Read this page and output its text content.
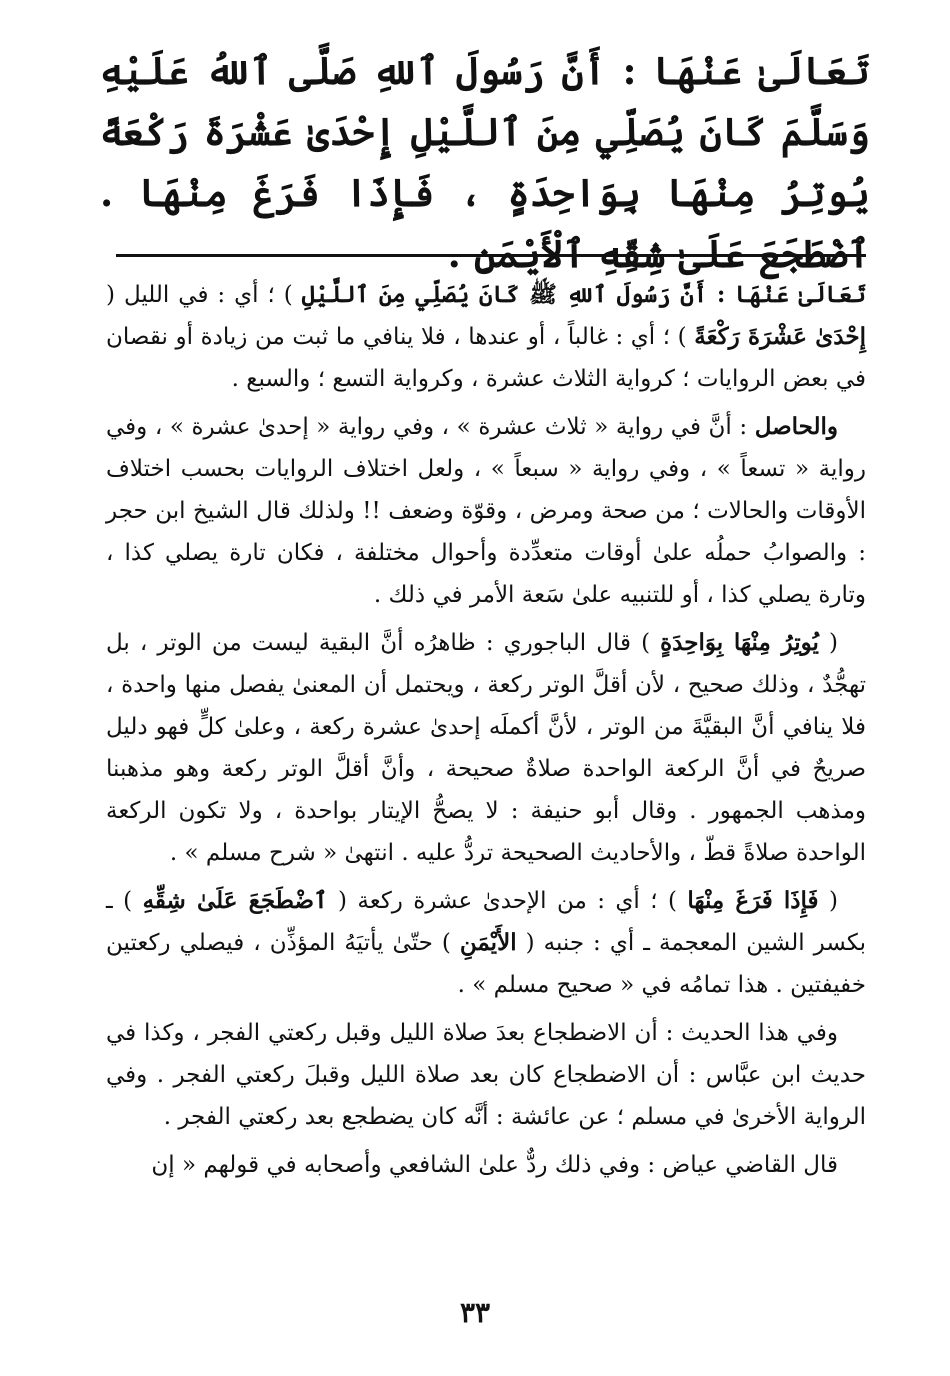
تَعَالَىٰ عَنْهَا : أَنَّ رَسُولَ ٱللهِ صَلَّى ٱللهُ عَلَيْهِ وَسَلَّمَ كَانَ يُصَلِّي مِنَ ٱللَّيْلِ إِحْدَىٰ عَشْرَةَ رَكْعَةً يُوتِرُ مِنْهَا بِوَاحِدَةٍ ، فَإِذَا فَرَغَ مِنْهَا . ٱضْطَجَعَ عَلَىٰ شِقِّهِ ٱلْأَيْمَنِ .

تَعَالَىٰ عَنْهَا : أَنَّ رَسُولَ ٱللهِ ﷺ كَانَ يُصَلِّي مِنَ ٱللَّيْلِ ) ؛ أي : في الليل ( إِحْدَىٰ عَشْرَةَ رَكْعَةً ) ؛ أي : غالباً ، أو عندها ، فلا ينافي ما ثبت من زيادة أو نقصان في بعض الروايات ؛ كرواية الثلاث عشرة ، وكرواية التسع ؛ والسبع .

والحاصل : أنَّ في رواية « ثلاث عشرة » ، وفي رواية « إحدىٰ عشرة » ، وفي رواية « تسعاً » ، وفي رواية « سبعاً » ، ولعل اختلاف الروايات بحسب اختلاف الأوقات والحالات ؛ من صحة ومرض ، وقوّة وضعف !! ولذلك قال الشيخ ابن حجر : والصوابُ حملُه علىٰ أوقات متعدِّدة وأحوال مختلفة ، فكان تارة يصلي كذا ، وتارة يصلي كذا ، أو للتنبيه علىٰ سَعة الأمر في ذلك .

( يُوتِرُ مِنْهَا بِوَاحِدَةٍ ) قال الباجوري : ظاهرُه أنَّ البقية ليست من الوتر ، بل تهجُّدٌ ، وذلك صحيح ، لأن أقلَّ الوتر ركعة ، ويحتمل أن المعنىٰ يفصل منها واحدة ، فلا ينافي أنَّ البقيَّةَ من الوتر ، لأنَّ أكملَه إحدىٰ عشرة ركعة ، وعلىٰ كلٍّ فهو دليل صريحٌ في أنَّ الركعة الواحدة صلاةٌ صحيحة ، وأنَّ أقلَّ الوتر ركعة وهو مذهبنا ومذهب الجمهور . وقال أبو حنيفة : لا يصحُّ الإيتار بواحدة ، ولا تكون الركعة الواحدة صلاةً قطّ ، والأحاديث الصحيحة تردُّ عليه . انتهىٰ « شرح مسلم » .

( فَإِذَا فَرَغَ مِنْهَا ) ؛ أي : من الإحدىٰ عشرة ركعة ( ٱضْطَجَعَ عَلَىٰ شِقِّهِ ) ـ بكسر الشين المعجمة ـ أي : جنبه ( الأَيْمَنِ ) حتّىٰ يأتيَهُ المؤذِّن ، فيصلي ركعتين خفيفتين . هذا تمامُه في « صحيح مسلم » .

وفي هذا الحديث : أن الاضطجاع بعدَ صلاة الليل وقبل ركعتي الفجر ، وكذا في حديث ابن عبَّاس : أن الاضطجاع كان بعد صلاة الليل وقبلَ ركعتي الفجر . وفي الرواية الأخرىٰ في مسلم ؛ عن عائشة : أنَّه كان يضطجع بعد ركعتي الفجر .

قال القاضي عياض : وفي ذلك ردٌّ علىٰ الشافعي وأصحابه في قولهم « إن

٣٣
